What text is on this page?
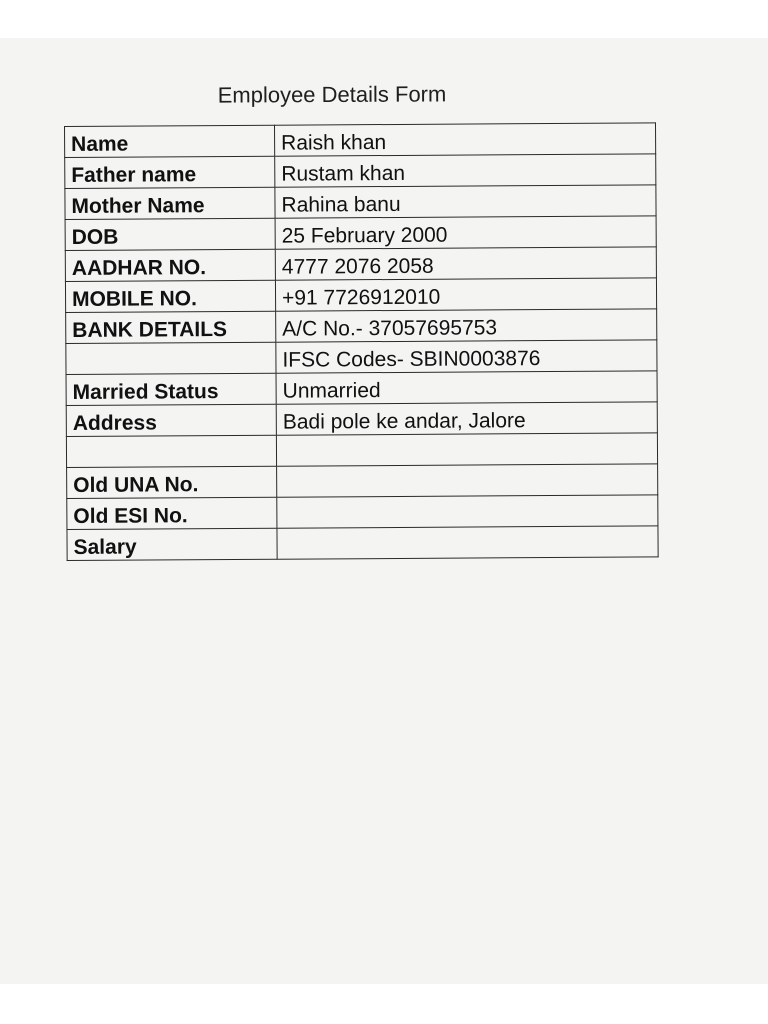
Employee Details Form
Name	Raish khan
Father name	Rustam khan
Mother Name	Rahina banu
DOB	25 February 2000
AADHAR NO.	4777 2076 2058
MOBILE NO.	+91 7726912010
BANK DETAILS	A/C No.- 37057695753
	IFSC Codes- SBIN0003876
Married Status	Unmarried
Address	Badi pole ke andar, Jalore

Old UNA No.	
Old ESI No.	
Salary	
